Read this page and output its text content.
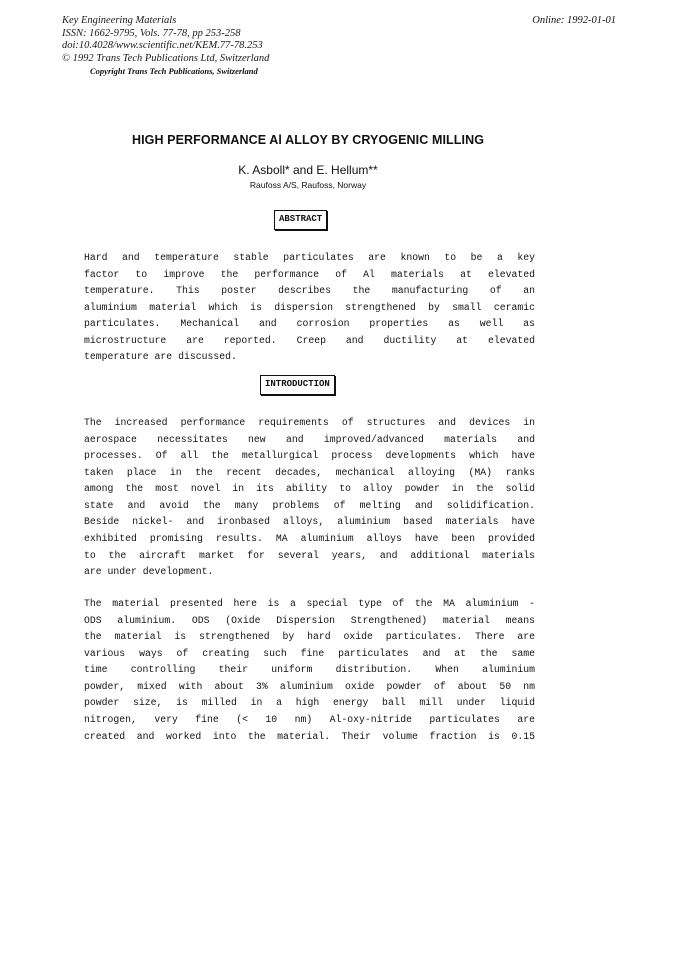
Key Engineering Materials
ISSN: 1662-9795, Vols. 77-78, pp 253-258
doi:10.4028/www.scientific.net/KEM.77-78.253
© 1992 Trans Tech Publications Ltd, Switzerland
Copyright Trans Tech Publications, Switzerland
Online: 1992-01-01
HIGH PERFORMANCE Al ALLOY BY CRYOGENIC MILLING
K. Asboll* and E. Hellum**
Raufoss A/S, Raufoss, Norway
ABSTRACT
Hard and temperature stable particulates are known to be a key
factor to improve the performance of Al materials at elevated
temperature. This poster describes the manufacturing of an
aluminium material which is dispersion strengthened by small ceramic
particulates. Mechanical and corrosion properties as well as
microstructure are reported. Creep and ductility at elevated
temperature are discussed.
INTRODUCTION
The increased performance requirements of structures and devices in
aerospace necessitates new and improved/advanced materials and
processes. Of all the metallurgical process developments which have
taken place in the recent decades, mechanical alloying (MA) ranks
among the most novel in its ability to alloy powder in the solid
state and avoid the many problems of melting and solidification.
Beside nickel- and ironbased alloys, aluminium based materials have
exhibited promising results. MA aluminium alloys have been provided
to the aircraft market for several years, and additional materials
are under development.
The material presented here is a special type of the MA aluminium -
ODS aluminium. ODS (Oxide Dispersion Strengthened) material means
the material is strengthened by hard oxide particulates. There are
various ways of creating such fine particulates and at the same
time controlling their uniform distribution. When aluminium
powder, mixed with about 3% aluminium oxide powder of about 50 nm
powder size, is milled in a high energy ball mill under liquid
nitrogen, very fine (< 10 nm) Al-oxy-nitride particulates are
created and worked into the material. Their volume fraction is 0.15
